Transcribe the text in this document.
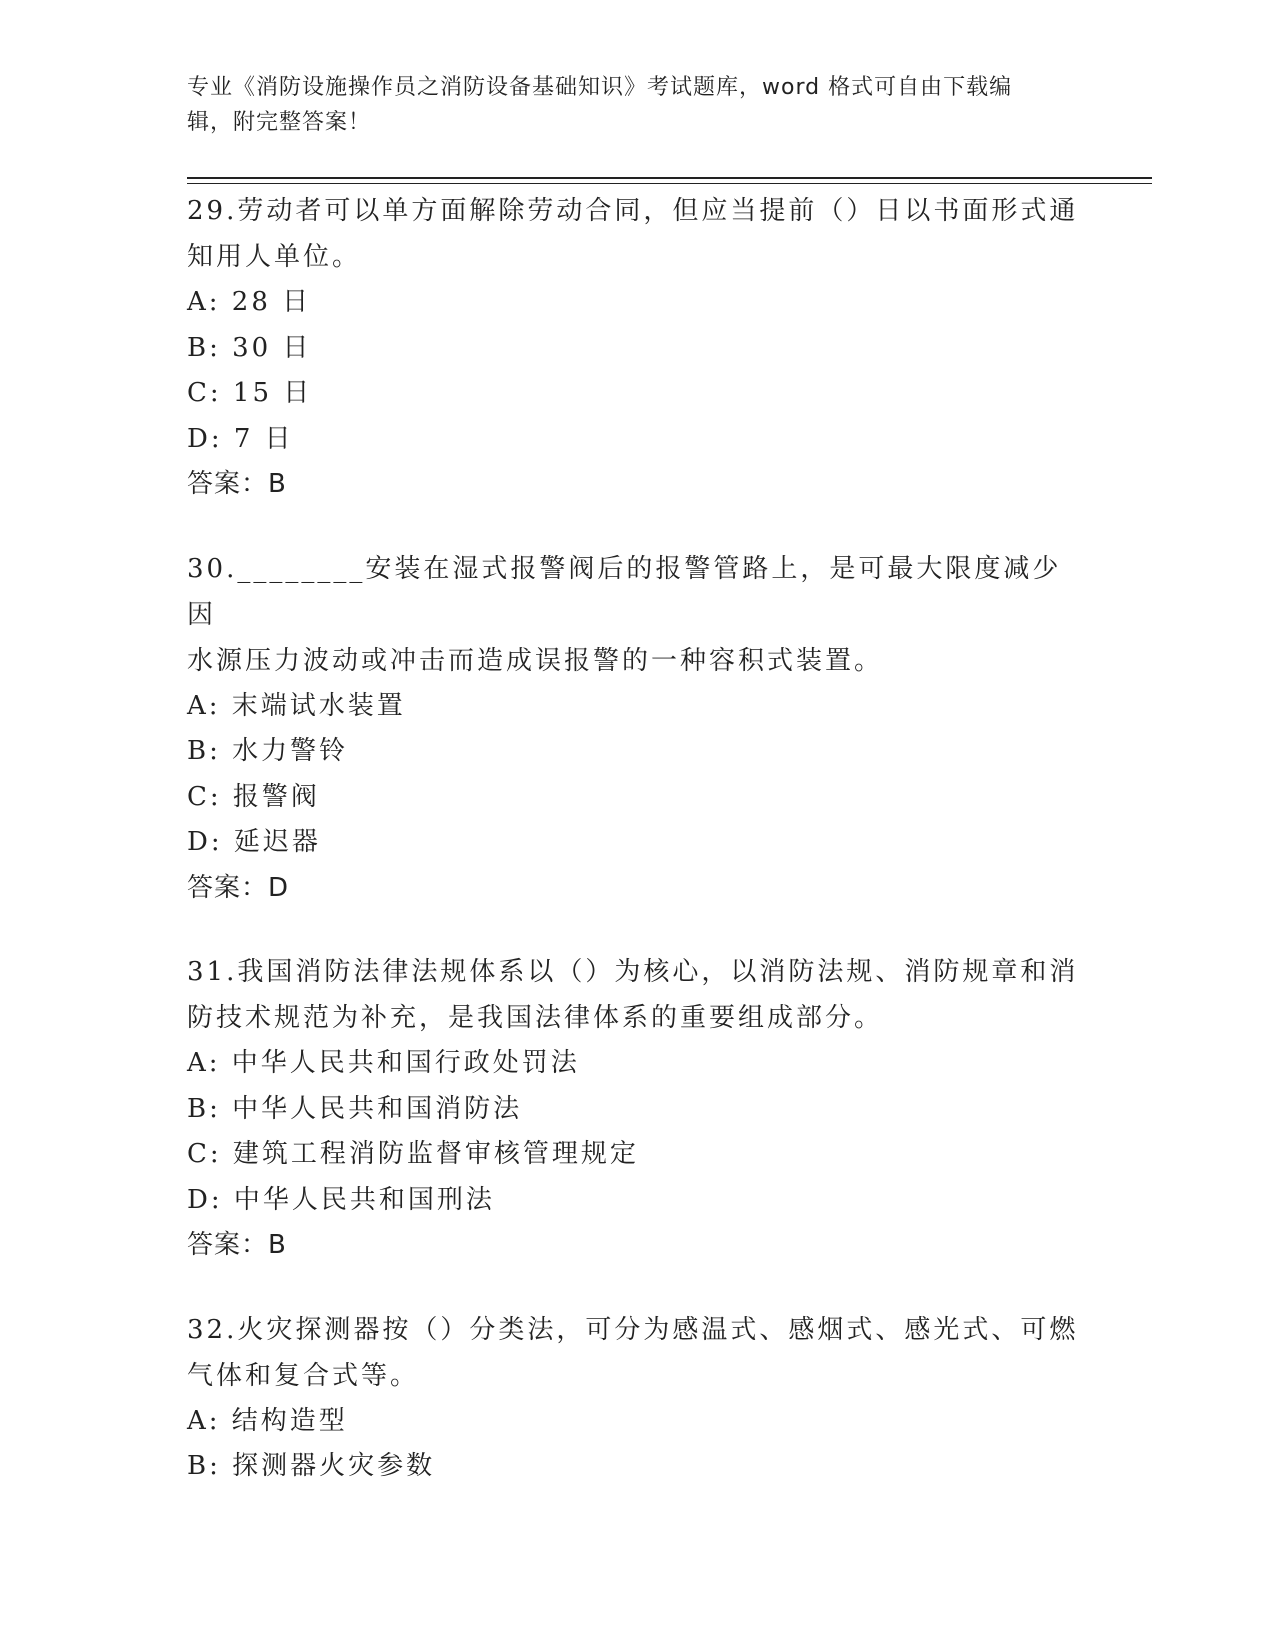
专业《消防设施操作员之消防设备基础知识》考试题库，word 格式可自由下载编
辑，附完整答案！
29.劳动者可以单方面解除劳动合同，但应当提前（）日以书面形式通
知用人单位。
A: 28 日
B: 30 日
C: 15 日
D: 7 日
答案：B
30.________安装在湿式报警阀后的报警管路上，是可最大限度减少因
水源压力波动或冲击而造成误报警的一种容积式装置。
A: 末端试水装置
B: 水力警铃
C: 报警阀
D: 延迟器
答案：D
31.我国消防法律法规体系以（）为核心，以消防法规、消防规章和消
防技术规范为补充，是我国法律体系的重要组成部分。
A: 中华人民共和国行政处罚法
B: 中华人民共和国消防法
C: 建筑工程消防监督审核管理规定
D: 中华人民共和国刑法
答案：B
32.火灾探测器按（）分类法，可分为感温式、感烟式、感光式、可燃
气体和复合式等。
A: 结构造型
B: 探测器火灾参数
